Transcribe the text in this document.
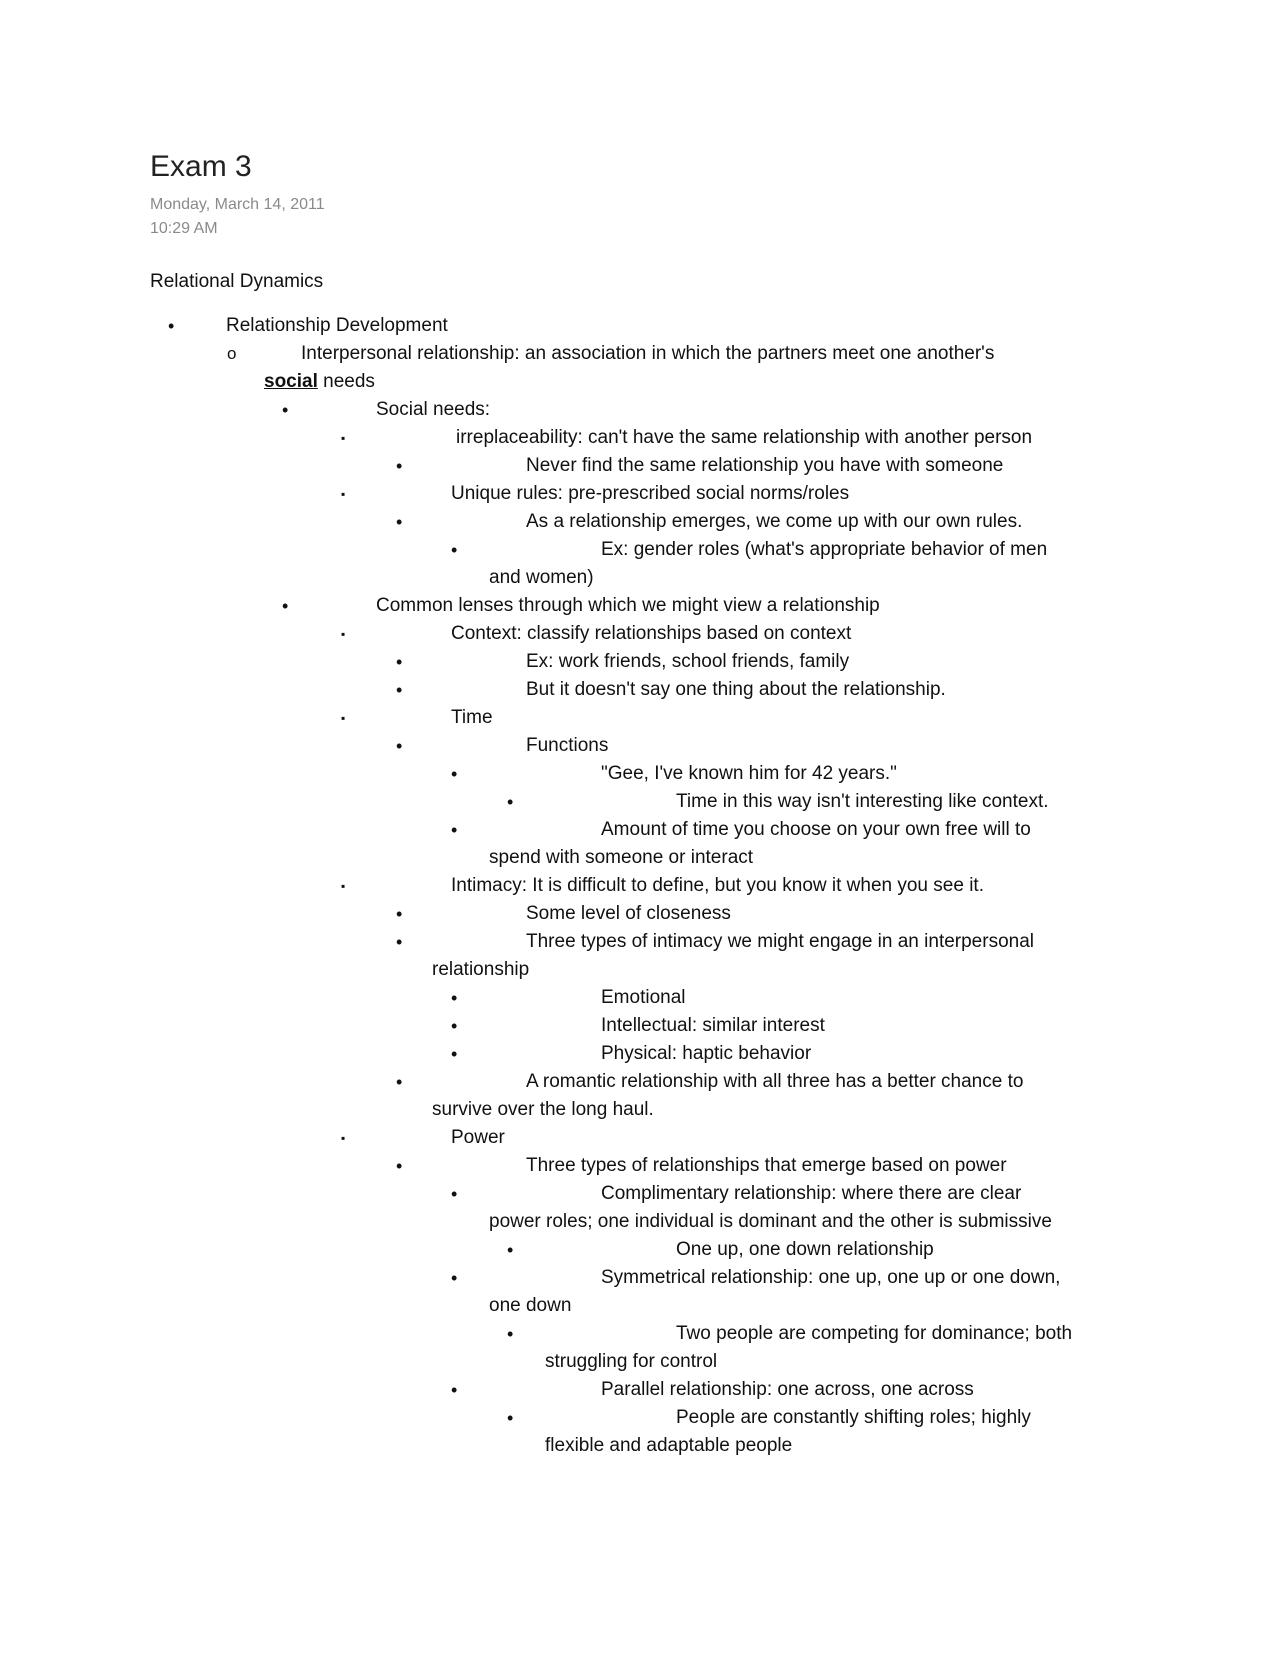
Exam 3
Monday, March 14, 2011
10:29 AM
Relational Dynamics
•	Relationship Development
o	Interpersonal relationship: an association in which the partners meet one another's
social needs
•	Social needs:
▪	irreplaceability: can't have the same relationship with another person
•	Never find the same relationship you have with someone
▪	Unique rules: pre-prescribed social norms/roles
•	As a relationship emerges, we come up with our own rules.
•	Ex: gender roles (what's appropriate behavior of men
and women)
•	Common lenses through which we might view a relationship
▪	Context: classify relationships based on context
•	Ex: work friends, school friends, family
•	But it doesn't say one thing about the relationship.
▪	Time
•	Functions
•	"Gee, I've known him for 42 years."
•	Time in this way isn't interesting like context.
•	Amount of time you choose on your own free will to
spend with someone or interact
▪	Intimacy: It is difficult to define, but you know it when you see it.
•	Some level of closeness
•	Three types of intimacy we might engage in an interpersonal
relationship
•	Emotional
•	Intellectual: similar interest
•	Physical: haptic behavior
•	A romantic relationship with all three has a better chance to
survive over the long haul.
▪	Power
•	Three types of relationships that emerge based on power
•	Complimentary relationship: where there are clear
power roles; one individual is dominant and the other is submissive
•	One up, one down relationship
•	Symmetrical relationship: one up, one up or one down,
one down
•	Two people are competing for dominance; both
struggling for control
•	Parallel relationship: one across, one across
•	People are constantly shifting roles; highly
flexible and adaptable people
